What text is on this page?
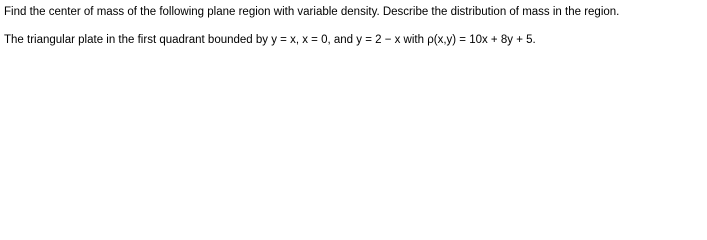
Find the center of mass of the following plane region with variable density. Describe the distribution of mass in the region.
The triangular plate in the first quadrant bounded by y = x, x = 0, and y = 2 − x with ρ(x,y) = 10x + 8y + 5.
